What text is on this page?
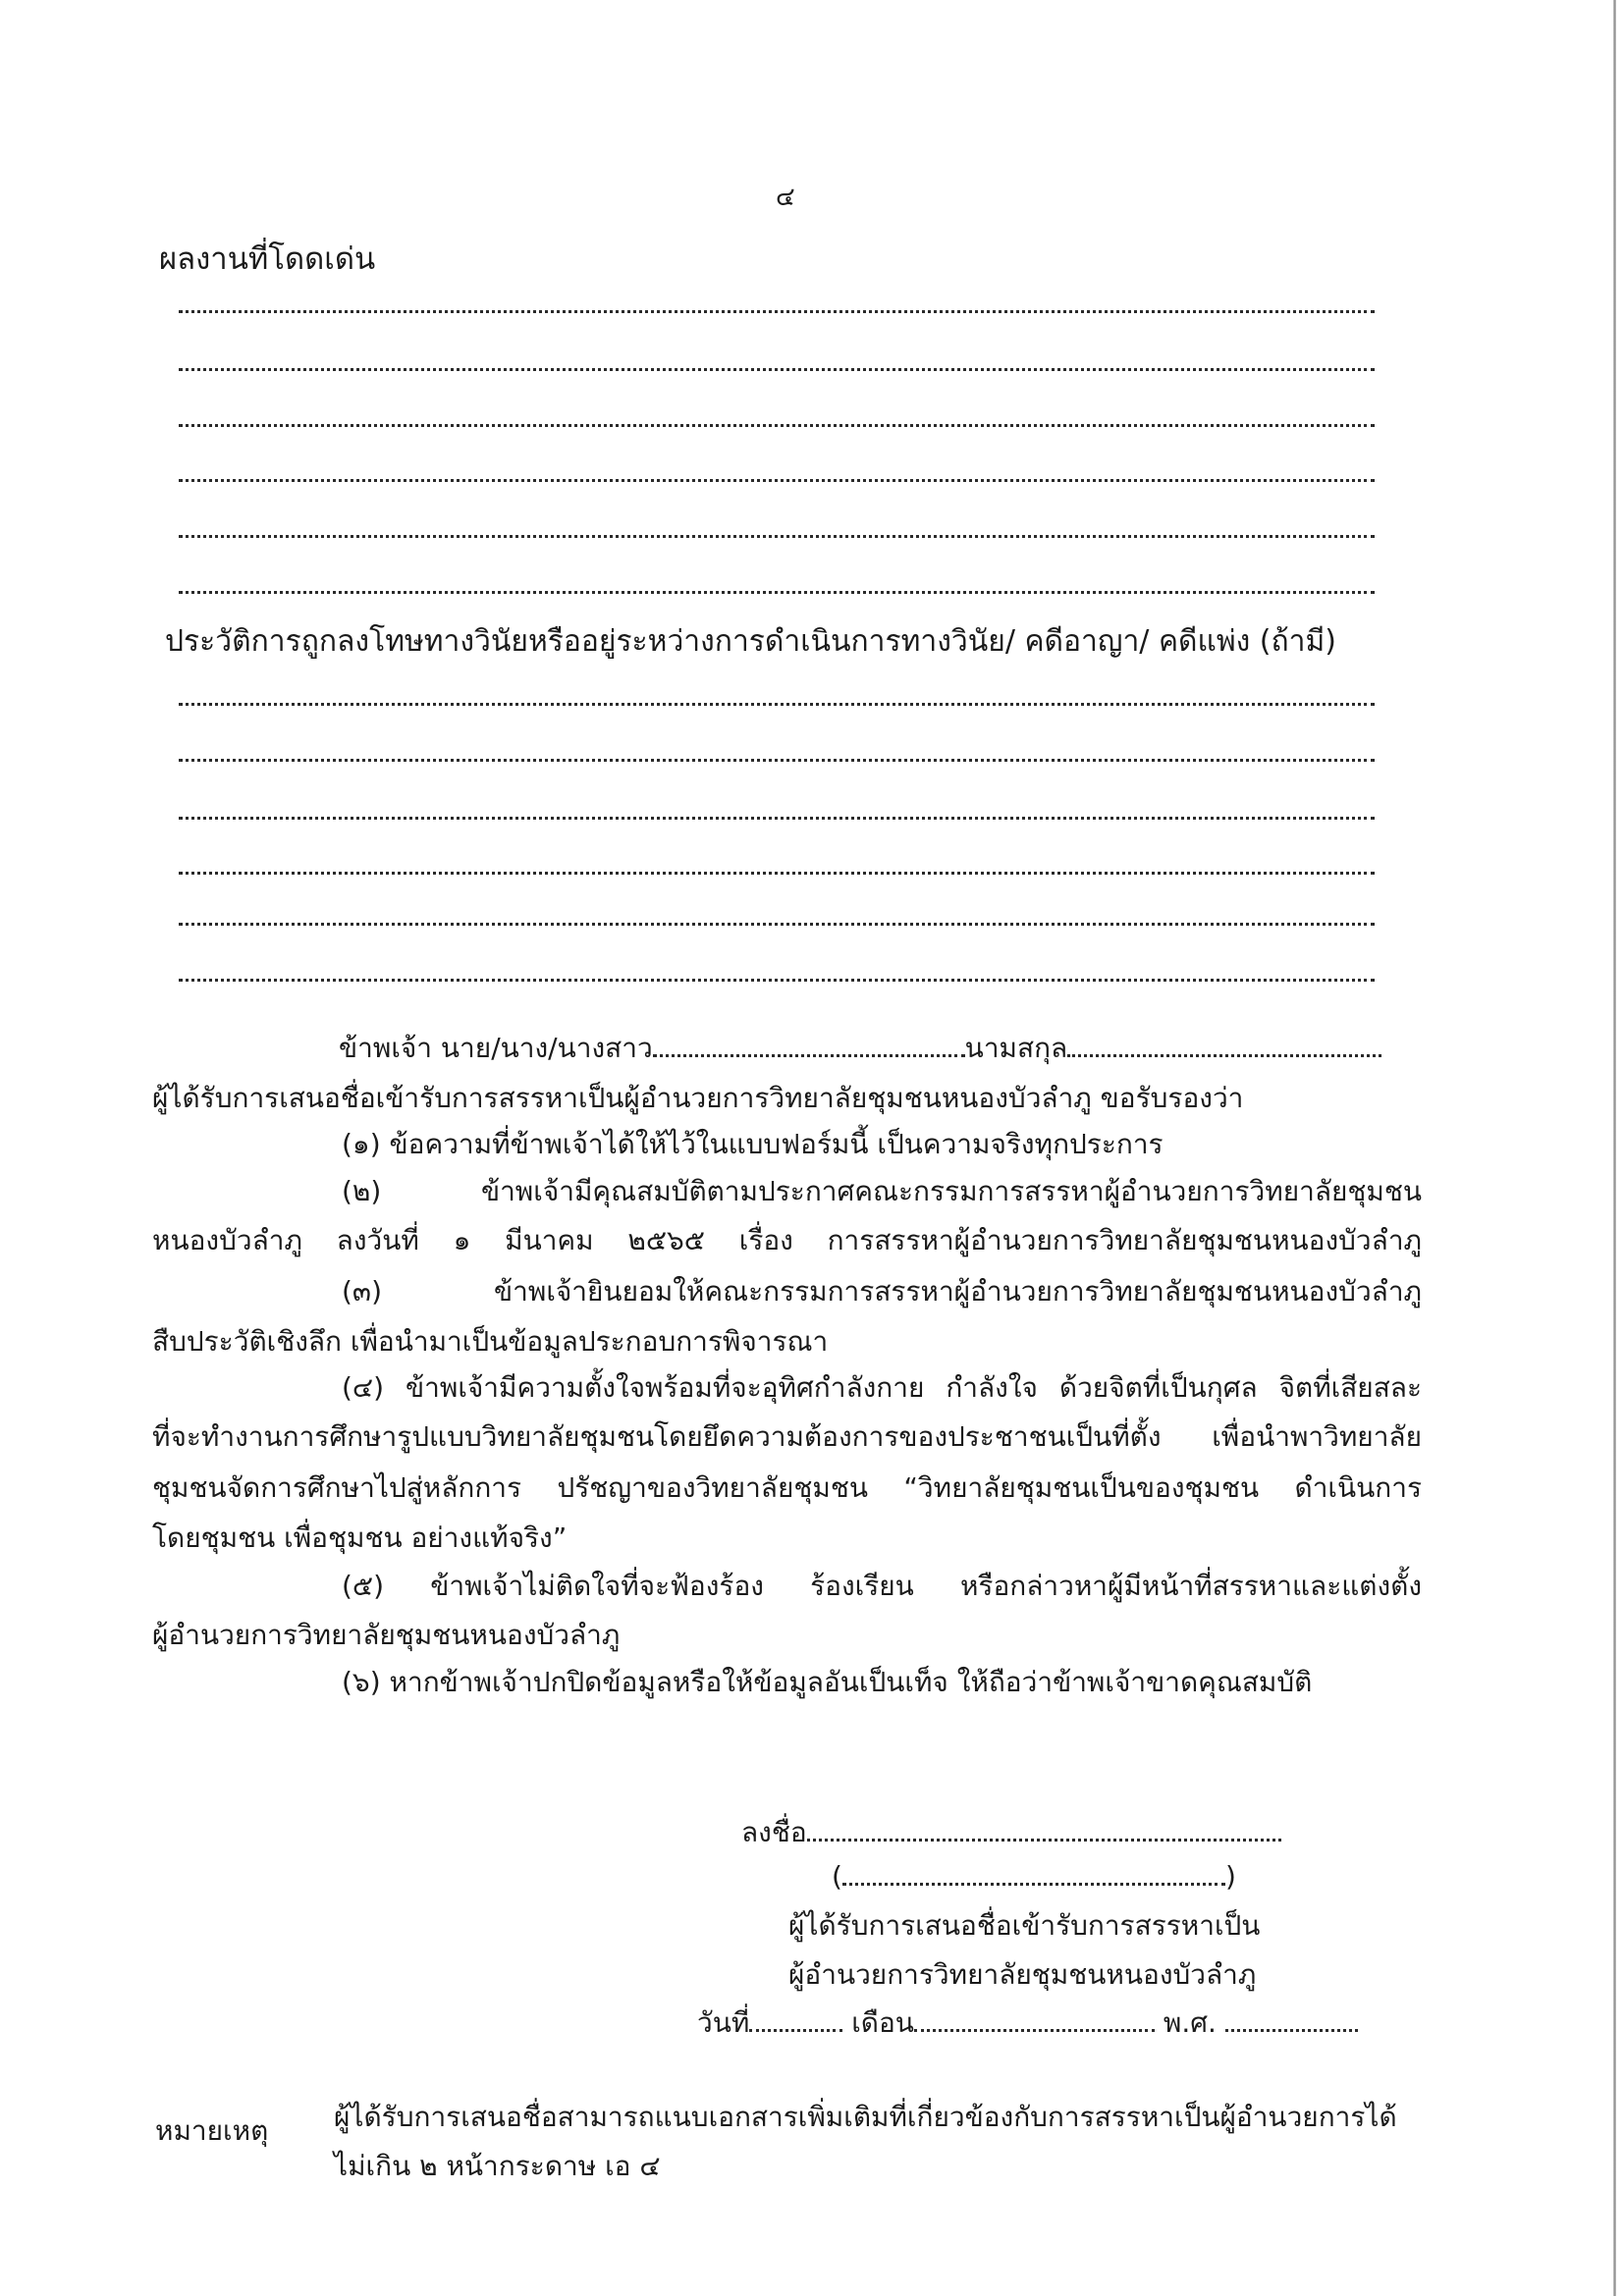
๔
ผลงานที่โดดเด่น
ประวัติการถูกลงโทษทางวินัยหรืออยู่ระหว่างการดำเนินการทางวินัย/ คดีอาญา/ คดีแพ่ง (ถ้ามี)
ข้าพเจ้า นาย/นาง/นางสาว	นามสกุล
ผู้ได้รับการเสนอชื่อเข้ารับการสรรหาเป็นผู้อำนวยการวิทยาลัยชุมชนหนองบัวลำภู ขอรับรองว่า
(๑) ข้อความที่ข้าพเจ้าได้ให้ไว้ในแบบฟอร์มนี้ เป็นความจริงทุกประการ
(๒) ข้าพเจ้ามีคุณสมบัติตามประกาศคณะกรรมการสรรหาผู้อำนวยการวิทยาลัยชุมชน
หนองบัวลำภู ลงวันที่ ๑ มีนาคม ๒๕๖๕ เรื่อง การสรรหาผู้อำนวยการวิทยาลัยชุมชนหนองบัวลำภู
(๓) ข้าพเจ้ายินยอมให้คณะกรรมการสรรหาผู้อำนวยการวิทยาลัยชุมชนหนองบัวลำภู
สืบประวัติเชิงลึก เพื่อนำมาเป็นข้อมูลประกอบการพิจารณา
(๔) ข้าพเจ้ามีความตั้งใจพร้อมที่จะอุทิศกำลังกาย กำลังใจ ด้วยจิตที่เป็นกุศล จิตที่เสียสละ
ที่จะทำงานการศึกษารูปแบบวิทยาลัยชุมชนโดยยึดความต้องการของประชาชนเป็นที่ตั้ง เพื่อนำพาวิทยาลัย
ชุมชนจัดการศึกษาไปสู่หลักการ ปรัชญาของวิทยาลัยชุมชน “วิทยาลัยชุมชนเป็นของชุมชน ดำเนินการ
โดยชุมชน เพื่อชุมชน อย่างแท้จริง”
(๕) ข้าพเจ้าไม่ติดใจที่จะฟ้องร้อง ร้องเรียน หรือกล่าวหาผู้มีหน้าที่สรรหาและแต่งตั้ง
ผู้อำนวยการวิทยาลัยชุมชนหนองบัวลำภู
(๖) หากข้าพเจ้าปกปิดข้อมูลหรือให้ข้อมูลอันเป็นเท็จ ให้ถือว่าข้าพเจ้าขาดคุณสมบัติ
ลงชื่อ
(	)
ผู้ได้รับการเสนอชื่อเข้ารับการสรรหาเป็น
ผู้อำนวยการวิทยาลัยชุมชนหนองบัวลำภู
วันที่	เดือน	พ.ศ.
หมายเหตุ ผู้ได้รับการเสนอชื่อสามารถแนบเอกสารเพิ่มเติมที่เกี่ยวข้องกับการสรรหาเป็นผู้อำนวยการได้
ไม่เกิน ๒ หน้ากระดาษ เอ ๔
